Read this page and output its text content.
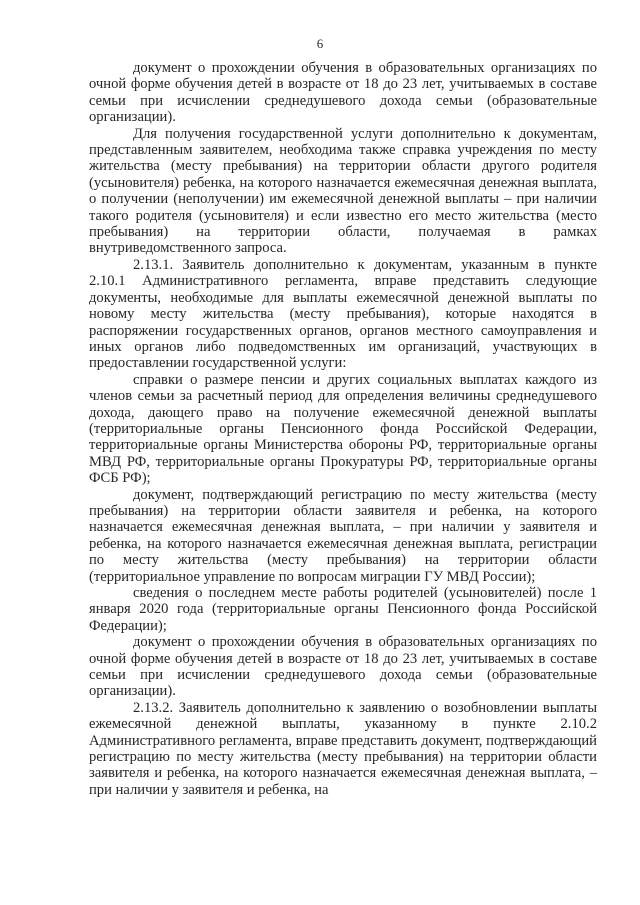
6

документ о прохождении обучения в образовательных организациях по очной форме обучения детей в возрасте от 18 до 23 лет, учитываемых в составе семьи при исчислении среднедушевого дохода семьи (образовательные организации).

Для получения государственной услуги дополнительно к документам, представленным заявителем, необходима также справка учреждения по месту жительства (месту пребывания) на территории области другого родителя (усыновителя) ребенка, на которого назначается ежемесячная денежная выплата, о получении (неполучении) им ежемесячной денежной выплаты – при наличии такого родителя (усыновителя) и если известно его место жительства (место пребывания) на территории области, получаемая в рамках внутриведомственного запроса.

2.13.1. Заявитель дополнительно к документам, указанным в пункте 2.10.1 Административного регламента, вправе представить следующие документы, необходимые для выплаты ежемесячной денежной выплаты по новому месту жительства (месту пребывания), которые находятся в распоряжении государственных органов, органов местного самоуправления и иных органов либо подведомственных им организаций, участвующих в предоставлении государственной услуги:

справки о размере пенсии и других социальных выплатах каждого из членов семьи за расчетный период для определения величины среднедушевого дохода, дающего право на получение ежемесячной денежной выплаты (территориальные органы Пенсионного фонда Российской Федерации, территориальные органы Министерства обороны РФ, территориальные органы МВД РФ, территориальные органы Прокуратуры РФ, территориальные органы ФСБ РФ);

документ, подтверждающий регистрацию по месту жительства (месту пребывания) на территории области заявителя и ребенка, на которого назначается ежемесячная денежная выплата, – при наличии у заявителя и ребенка, на которого назначается ежемесячная денежная выплата, регистрации по месту жительства (месту пребывания) на территории области (территориальное управление по вопросам миграции ГУ МВД России);

сведения о последнем месте работы родителей (усыновителей) после 1 января 2020 года (территориальные органы Пенсионного фонда Российской Федерации);

документ о прохождении обучения в образовательных организациях по очной форме обучения детей в возрасте от 18 до 23 лет, учитываемых в составе семьи при исчислении среднедушевого дохода семьи (образовательные организации).

2.13.2. Заявитель дополнительно к заявлению о возобновлении выплаты ежемесячной денежной выплаты, указанному в пункте 2.10.2 Административного регламента, вправе представить документ, подтверждающий регистрацию по месту жительства (месту пребывания) на территории области заявителя и ребенка, на которого назначается ежемесячная денежная выплата, – при наличии у заявителя и ребенка, на
